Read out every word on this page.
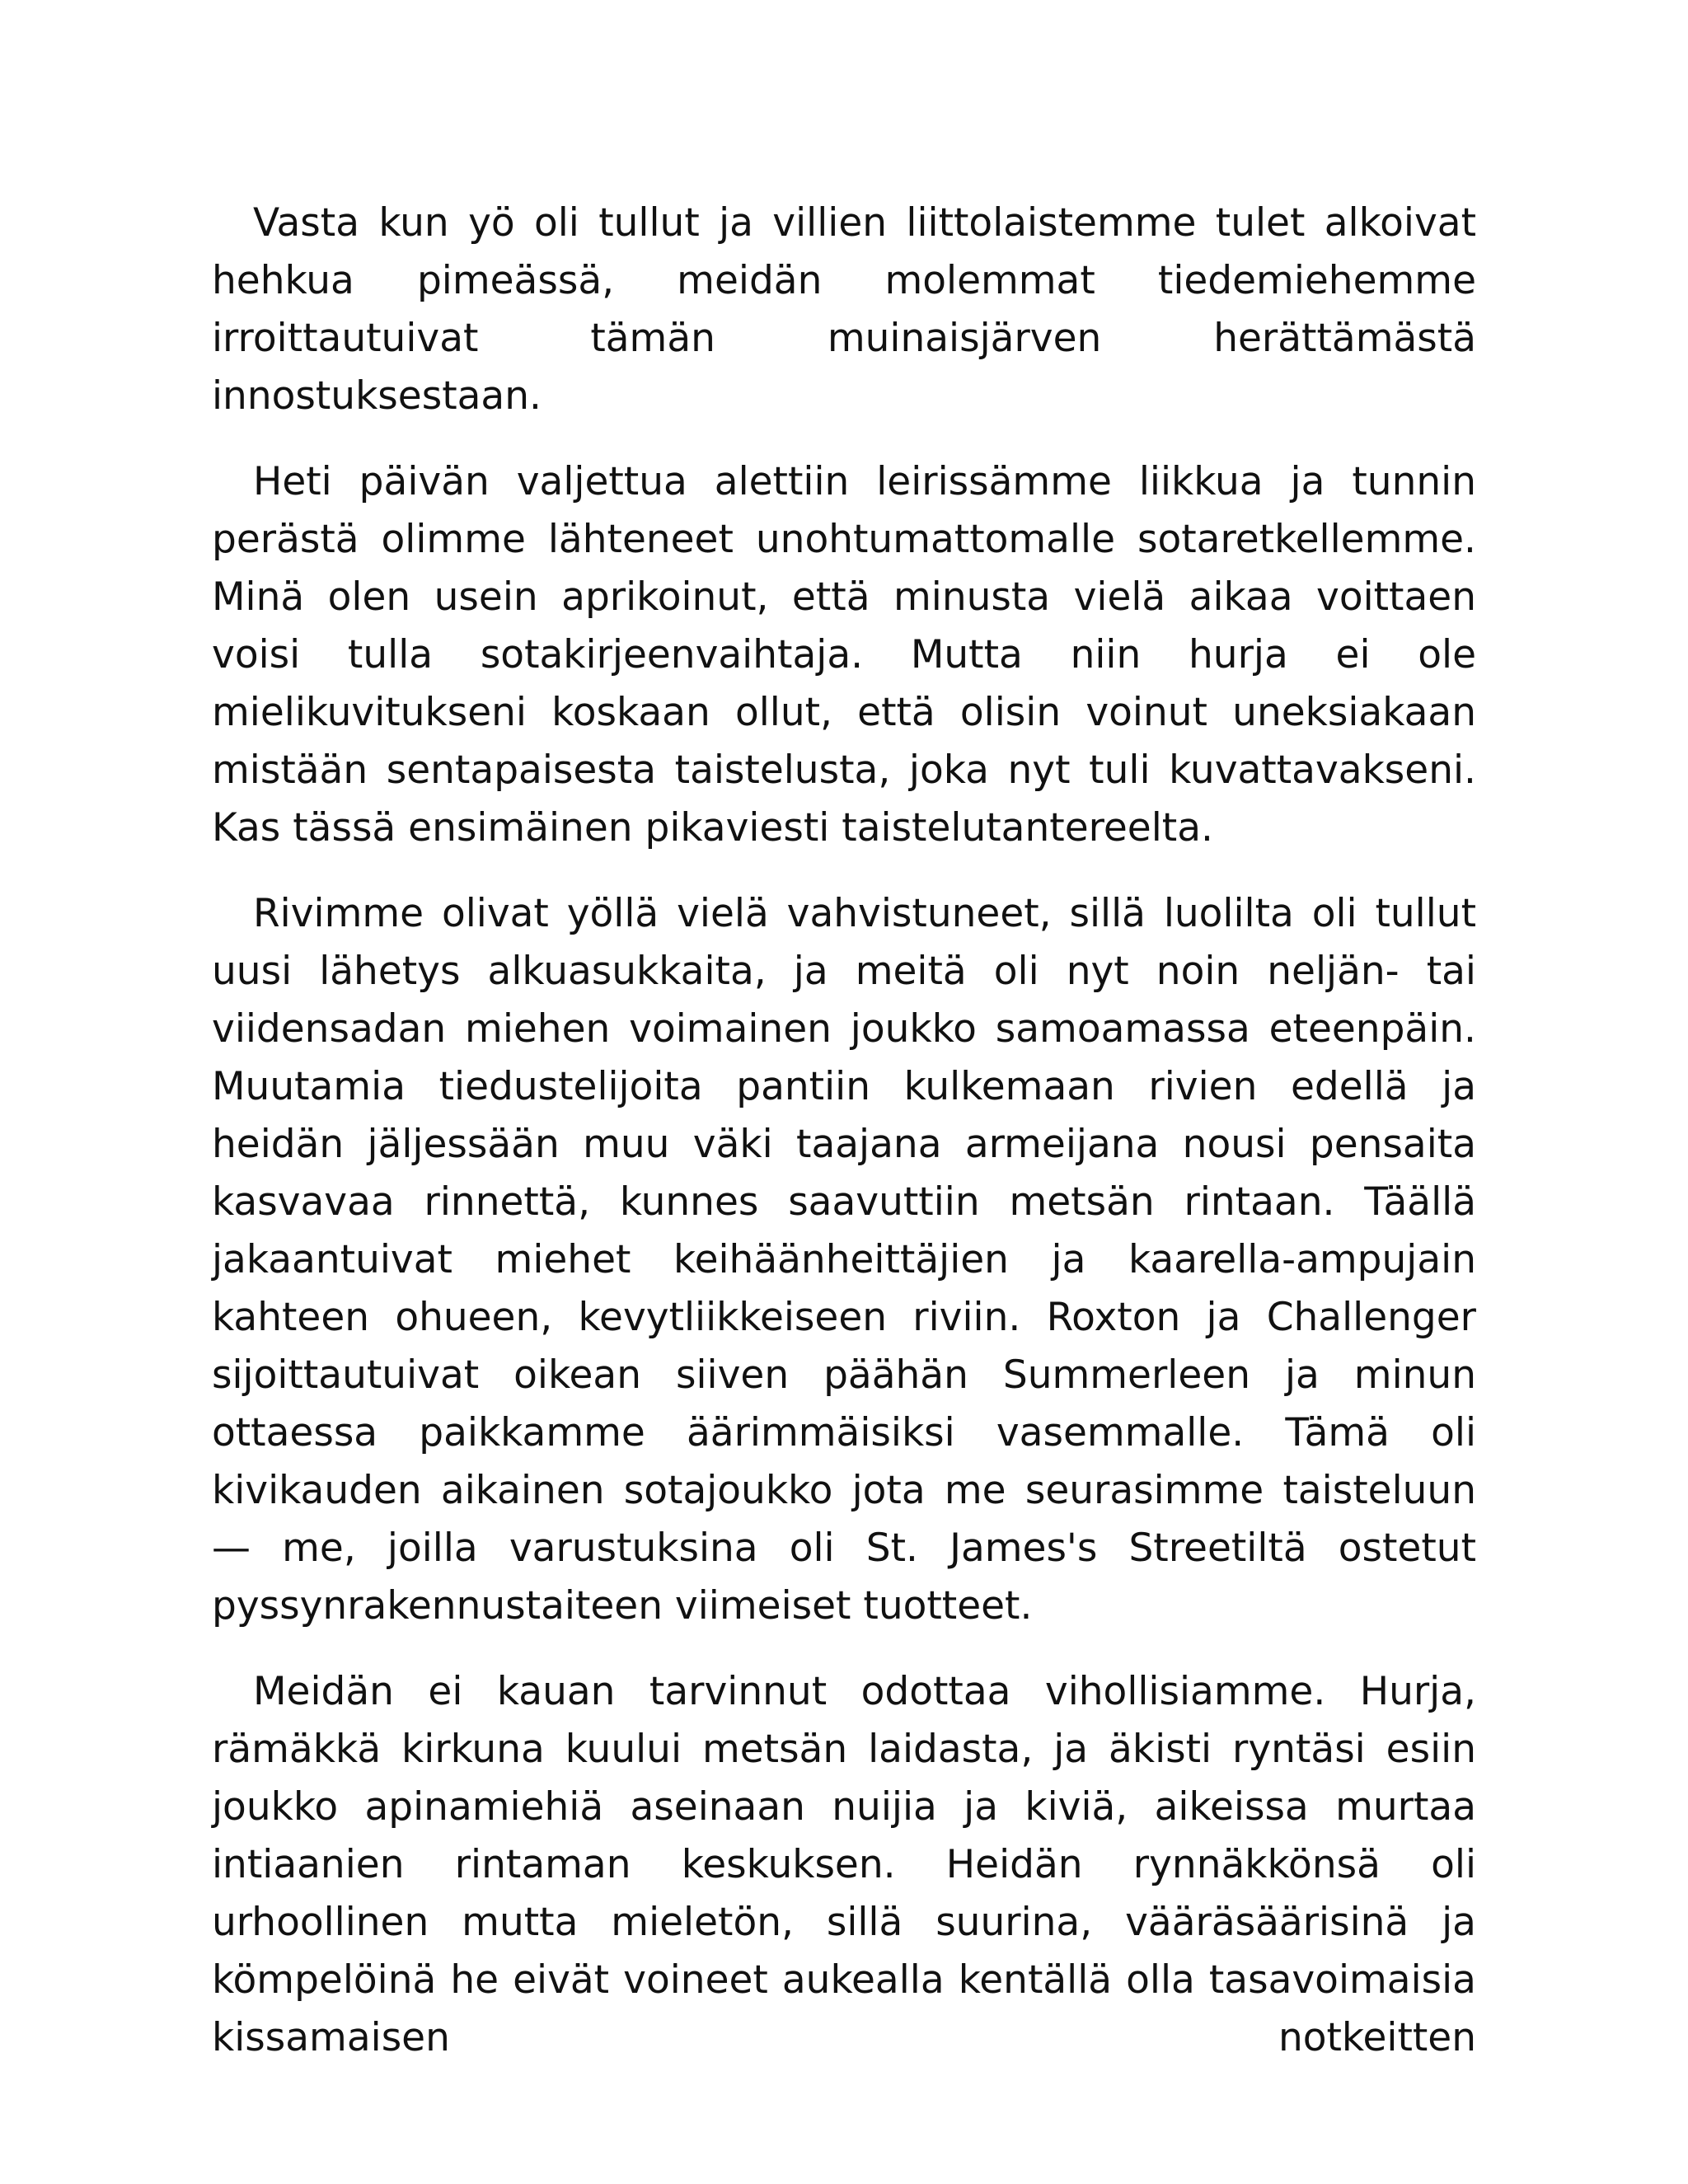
Vasta kun yö oli tullut ja villien liittolaistemme tulet alkoivat hehkua pimeässä, meidän molemmat tiedemiehemme irroittautuivat tämän muinaisjärven herättämästä innostuksestaan.

Heti päivän valjettua alettiin leirissämme liikkua ja tunnin perästä olimme lähteneet unohtumattomalle sotaretkellemme. Minä olen usein aprikoinut, että minusta vielä aikaa voittaen voisi tulla sotakirjeenvaihtaja. Mutta niin hurja ei ole mielikuvitukseni koskaan ollut, että olisin voinut uneksiakaan mistään sentapaisesta taistelusta, joka nyt tuli kuvattavakseni. Kas tässä ensimäinen pikaviesti taistelutantereelta.

Rivimme olivat yöllä vielä vahvistuneet, sillä luolilta oli tullut uusi lähetys alkuasukkaita, ja meitä oli nyt noin neljän- tai viidensadan miehen voimainen joukko samoamassa eteenpäin. Muutamia tiedustelijoita pantiin kulkemaan rivien edellä ja heidän jäljessään muu väki taajana armeijana nousi pensaita kasvavaa rinnettä, kunnes saavuttiin metsän rintaan. Täällä jakaantuivat miehet keihäänheittäjien ja kaarella-ampujain kahteen ohueen, kevytliikkeiseen riviin. Roxton ja Challenger sijoittautuivat oikean siiven päähän Summerleen ja minun ottaessa paikkamme äärimmäisiksi vasemmalle. Tämä oli kivikauden aikainen sotajoukko jota me seurasimme taisteluun — me, joilla varustuksina oli St. James's Streetiltä ostetut pyssynrakennustaiteen viimeiset tuotteet.

Meidän ei kauan tarvinnut odottaa vihollisiamme. Hurja, rämäkkä kirkuna kuului metsän laidasta, ja äkisti ryntäsi esiin joukko apinamiehiä aseinaan nuijia ja kiviä, aikeissa murtaa intiaanien rintaman keskuksen. Heidän rynnäkkönsä oli urhoollinen mutta mieletön, sillä suurina, vääräsäärisinä ja kömpelöinä he eivät voineet aukealla kentällä olla tasavoimaisia kissamaisen notkeitten
